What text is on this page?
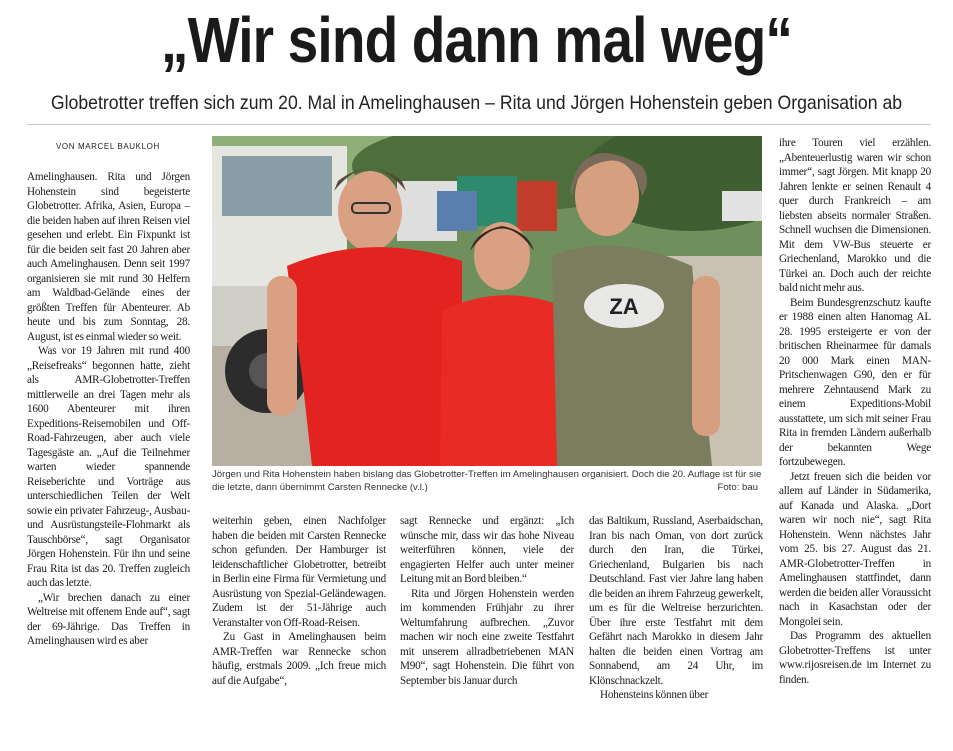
„Wir sind dann mal weg“
Globetrotter treffen sich zum 20. Mal in Amelinghausen – Rita und Jörgen Hohenstein geben Organisation ab
VON MARCEL BAUKLOH

Amelinghausen. Rita und Jörgen Hohenstein sind begeisterte Globetrotter. Afrika, Asien, Europa – die beiden haben auf ihren Reisen viel gesehen und erlebt. Ein Fixpunkt ist für die beiden seit fast 20 Jahren aber auch Amelinghausen. Denn seit 1997 organisieren sie mit rund 30 Helfern am Waldbad-Gelände eines der größten Treffen für Abenteurer. Ab heute und bis zum Sonntag, 28. August, ist es einmal wieder so weit.

Was vor 19 Jahren mit rund 400 „Reisefreaks“ begonnen hatte, zieht als AMR-Globetrotter-Treffen mittlerweile an drei Tagen mehr als 1600 Abenteurer mit ihren Expeditions-Reisemobilen und Off-Road-Fahrzeugen, aber auch viele Tagesgäste an. „Auf die Teilnehmer warten wieder spannende Reiseberichte und Vorträge aus unterschiedlichen Teilen der Welt sowie ein privater Fahrzeug-, Ausbau- und Ausrüstungsteile-Flohmarkt als Tauschbörse“, sagt Organisator Jörgen Hohenstein. Für ihn und seine Frau Rita ist das 20. Treffen zugleich auch das letzte.

„Wir brechen danach zu einer Weltreise mit offenem Ende auf“, sagt der 69-Jährige. Das Treffen in Amelinghausen wird es aber

ZA
Jörgen und Rita Hohenstein haben bislang das Globetrotter-Treffen im Amelinghausen organisiert. Doch die 20. Auflage ist für sie die letzte, dann übernimmt Carsten Rennecke (v.l.)	Foto: bau

weiterhin geben, einen Nachfolger haben die beiden mit Carsten Rennecke schon gefunden. Der Hamburger ist leidenschaftlicher Globetrotter, betreibt in Berlin eine Firma für Vermietung und Ausrüstung von Spezial-Geländewagen. Zudem ist der 51-Jährige auch Veranstalter von Off-Road-Reisen.

Zu Gast in Amelinghausen beim AMR-Treffen war Rennecke schon häufig, erstmals 2009. „Ich freue mich auf die Aufgabe“,

sagt Rennecke und ergänzt: „Ich wünsche mir, dass wir das hohe Niveau weiterführen können, viele der engagierten Helfer auch unter meiner Leitung mit an Bord bleiben.“

Rita und Jörgen Hohenstein werden im kommenden Frühjahr zu ihrer Weltumfahrung aufbrechen. „Zuvor machen wir noch eine zweite Testfahrt mit unserem allradbetriebenen MAN M90“, sagt Hohenstein. Die führt von September bis Januar durch

das Baltikum, Russland, Aserbaidschan, Iran bis nach Oman, von dort zurück durch den Iran, die Türkei, Griechenland, Bulgarien bis nach Deutschland. Fast vier Jahre lang haben die beiden an ihrem Fahrzeug gewerkelt, um es für die Weltreise herzurichten. Über ihre erste Testfahrt mit dem Gefährt nach Marokko in diesem Jahr halten die beiden einen Vortrag am Sonnabend, am 24 Uhr, im Klönschnackzelt.

Hohensteins können über

ihre Touren viel erzählen. „Abenteuerlustig waren wir schon immer“, sagt Jörgen. Mit knapp 20 Jahren lenkte er seinen Renault 4 quer durch Frankreich – am liebsten abseits normaler Straßen. Schnell wuchsen die Dimensionen. Mit dem VW-Bus steuerte er Griechenland, Marokko und die Türkei an. Doch auch der reichte bald nicht mehr aus.

Beim Bundesgrenzschutz kaufte er 1988 einen alten Hanomag AL 28. 1995 ersteigerte er von der britischen Rheinarmee für damals 20 000 Mark einen MAN-Pritschenwagen G90, den er für mehrere Zehntausend Mark zu einem Expeditions-Mobil ausstattete, um sich mit seiner Frau Rita in fremden Ländern außerhalb der bekannten Wege fortzubewegen.

Jetzt freuen sich die beiden vor allem auf Länder in Südamerika, auf Kanada und Alaska. „Dort waren wir noch nie“, sagt Rita Hohenstein. Wenn nächstes Jahr vom 25. bis 27. August das 21. AMR-Globetrotter-Treffen in Amelinghausen stattfindet, dann werden die beiden aller Voraussicht nach in Kasachstan oder der Mongolei sein.

Das Programm des aktuellen Globetrotter-Treffens ist unter www.rijosreisen.de im Internet zu finden.
